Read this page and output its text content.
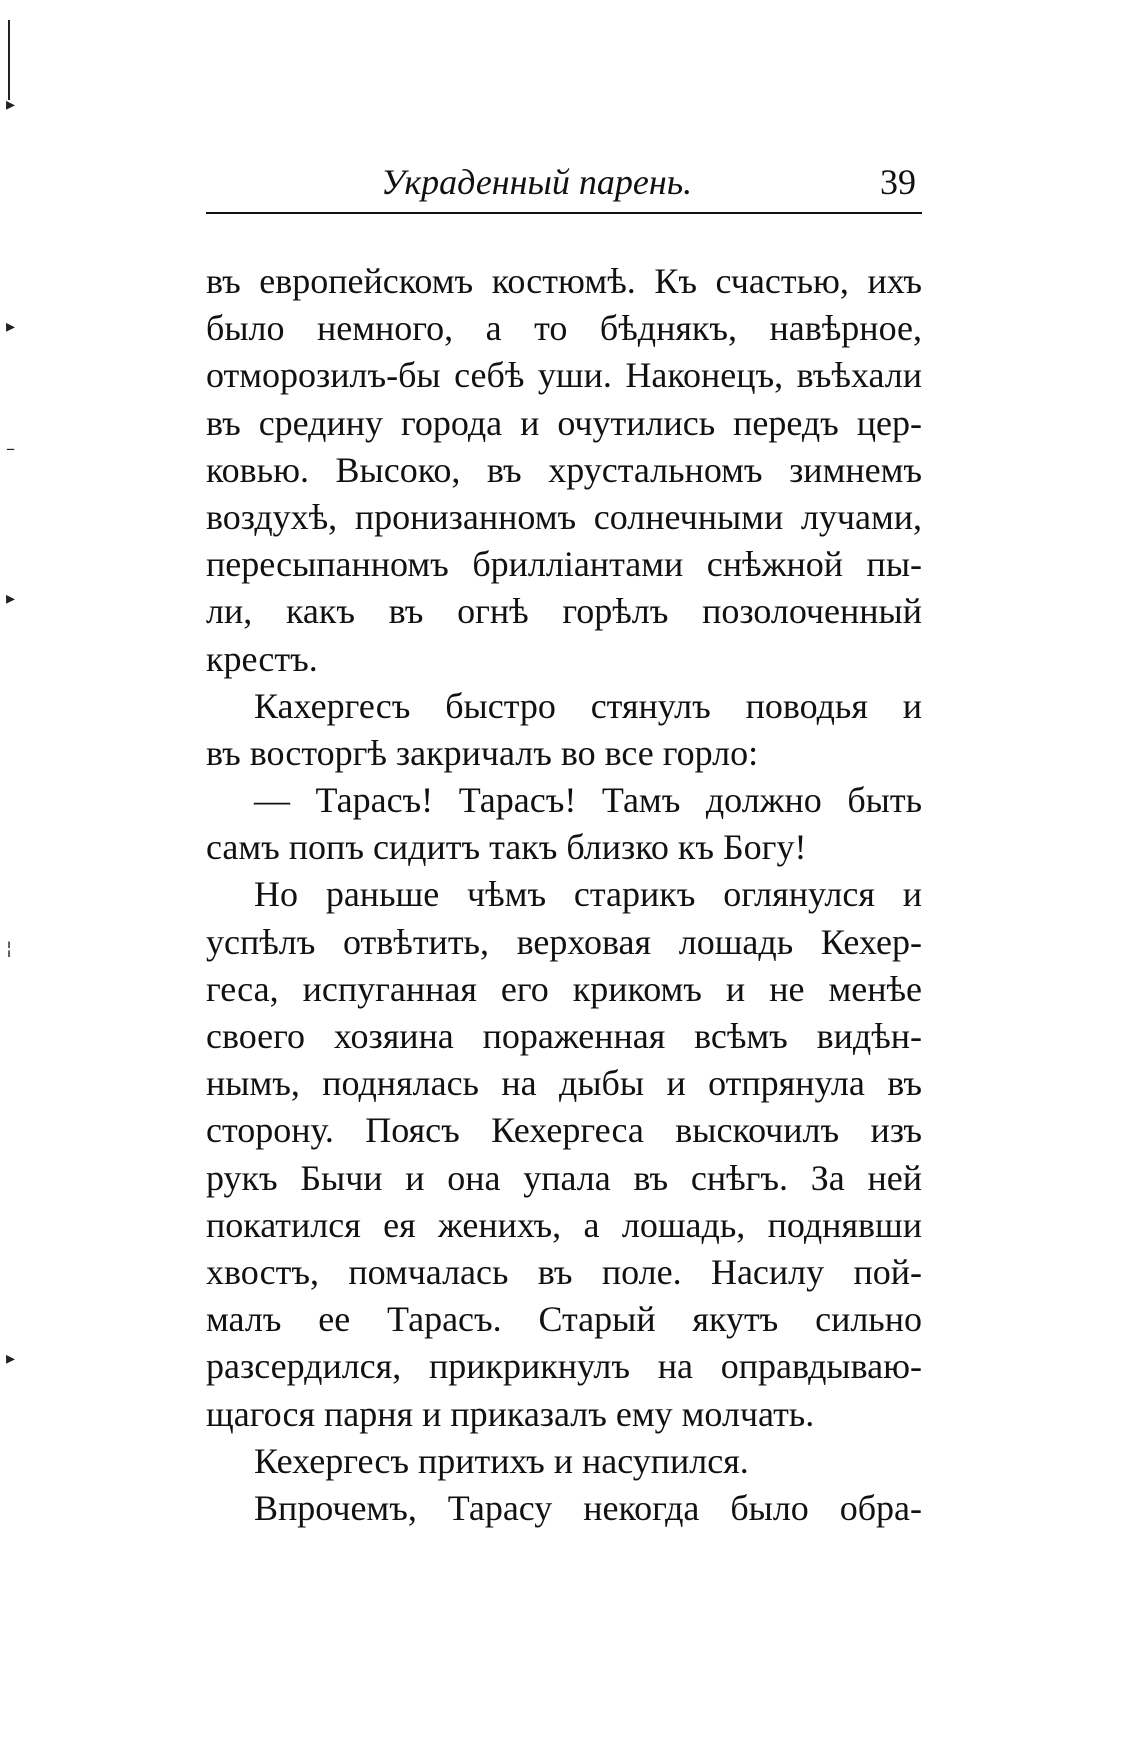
▸
▸
–
▸
¦
▸
Украденный парень.	39
въ европейскомъ костюмѣ. Къ счастью, ихъ
было немного, а то бѣднякъ, навѣрное,
отморозилъ-бы себѣ уши. Наконецъ, въѣхали
въ средину города и очутились передъ цер-
ковью. Высоко, въ хрустальномъ зимнемъ
воздухѣ, пронизанномъ солнечными лучами,
пересыпанномъ бриллiантами снѣжной пы-
ли, какъ въ огнѣ горѣлъ позолоченный
крестъ.
Кахергесъ быстро стянулъ поводья и
въ восторгѣ закричалъ во все горло:
— Тарасъ! Тарасъ! Тамъ должно быть
самъ попъ сидитъ такъ близко къ Богу!
Но раньше чѣмъ старикъ оглянулся и
успѣлъ отвѣтить, верховая лошадь Кехер-
геса, испуганная его крикомъ и не менѣе
своего хозяина пораженная всѣмъ видѣн-
нымъ, поднялась на дыбы и отпрянула въ
сторону. Поясъ Кехергеса выскочилъ изъ
рукъ Бычи и она упала въ снѣгъ. За ней
покатился ея женихъ, а лошадь, поднявши
хвостъ, помчалась въ поле. Насилу пой-
малъ ее Тарасъ. Старый якутъ сильно
разсердился, прикрикнулъ на оправдываю-
щагося парня и приказалъ ему молчать.
Кехергесъ притихъ и насупился.
Впрочемъ, Тарасу некогда было обра-
